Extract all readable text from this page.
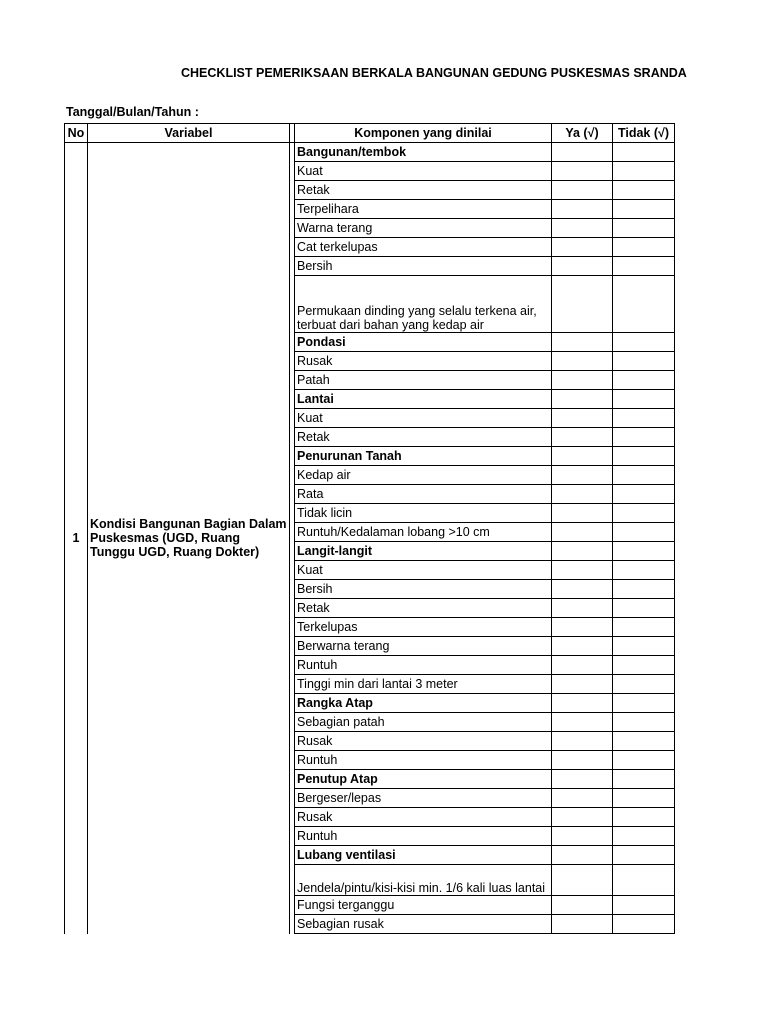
CHECKLIST PEMERIKSAAN BERKALA BANGUNAN GEDUNG PUSKESMAS SRANDA
Tanggal/Bulan/Tahun :
No	Variabel		Komponen yang dinilai	Ya (√)	Tidak (√)
1	Kondisi Bangunan Bagian Dalam Puskesmas (UGD, Ruang Tunggu UGD, Ruang Dokter)		Bangunan/tembok		
			Kuat		
			Retak		
			Terpelihara		
			Warna terang		
			Cat terkelupas		
			Bersih		
			Permukaan dinding yang selalu terkena air, terbuat dari bahan yang kedap air		
			Pondasi		
			Rusak		
			Patah		
			Lantai		
			Kuat		
			Retak		
			Penurunan Tanah		
			Kedap air		
			Rata		
			Tidak licin		
			Runtuh/Kedalaman lobang >10 cm		
			Langit-langit		
			Kuat		
			Bersih		
			Retak		
			Terkelupas		
			Berwarna terang		
			Runtuh		
			Tinggi min dari lantai 3 meter		
			Rangka Atap		
			Sebagian patah		
			Rusak		
			Runtuh		
			Penutup Atap		
			Bergeser/lepas		
			Rusak		
			Runtuh		
			Lubang ventilasi		
			Jendela/pintu/kisi-kisi min. 1/6 kali luas lantai		
			Fungsi terganggu		
			Sebagian rusak		
